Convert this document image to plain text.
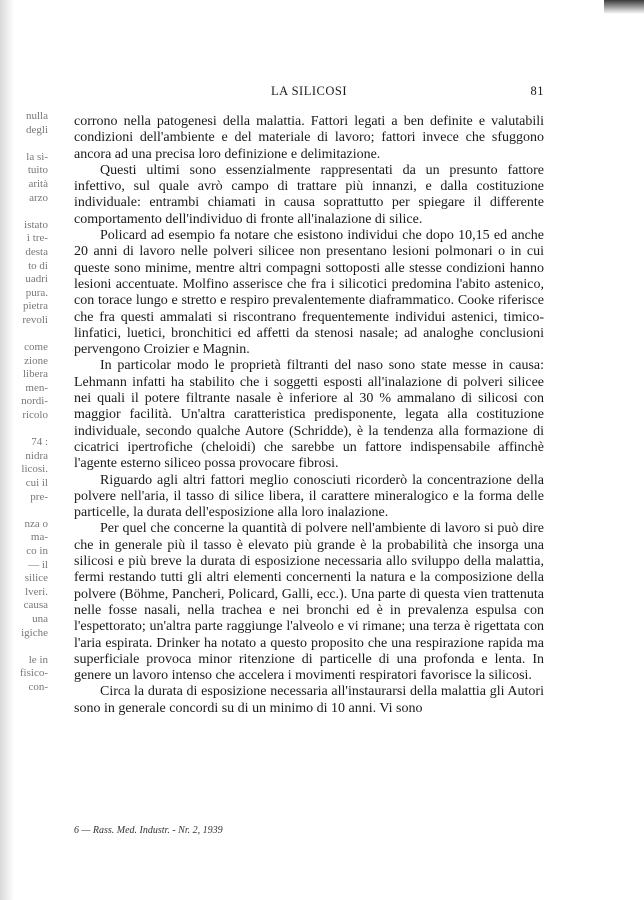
nulla
degli
la si-
tuito
arità
arzo
istato
i tre-
desta
to di
uadri
pura.
pietra
revoli
come
zione
libera
men-
nordi-
ricolo
74 :
nidra
licosi.
cui il
pre-
nza o
ma-
co in
— il
silice
lveri.
causa
una
igiche
le in
fisico-
con-
LA SILICOSI	81

corrono nella patogenesi della malattia. Fattori legati a ben definite e valutabili condizioni dell'ambiente e del materiale di lavoro; fattori invece che sfuggono ancora ad una precisa loro definizione e delimitazione.

Questi ultimi sono essenzialmente rappresentati da un presunto fattore infettivo, sul quale avrò campo di trattare più innanzi, e dalla costituzione individuale: entrambi chiamati in causa soprattutto per spiegare il differente comportamento dell'individuo di fronte all'inalazione di silice.

Policard ad esempio fa notare che esistono individui che dopo 10,15 ed anche 20 anni di lavoro nelle polveri silicee non presentano lesioni polmonari o in cui queste sono minime, mentre altri compagni sottoposti alle stesse condizioni hanno lesioni accentuate. Molfino asserisce che fra i silicotici predomina l'abito astenico, con torace lungo e stretto e respiro prevalentemente diaframmatico. Cooke riferisce che fra questi ammalati si riscontrano frequentemente individui astenici, timico-linfatici, luetici, bronchitici ed affetti da stenosi nasale; ad analoghe conclusioni pervengono Croizier e Magnin.

In particolar modo le proprietà filtranti del naso sono state messe in causa: Lehmann infatti ha stabilito che i soggetti esposti all'inalazione di polveri silicee nei quali il potere filtrante nasale è inferiore al 30 % ammalano di silicosi con maggior facilità. Un'altra caratteristica predisponente, legata alla costituzione individuale, secondo qualche Autore (Schridde), è la tendenza alla formazione di cicatrici ipertrofiche (cheloidi) che sarebbe un fattore indispensabile affinchè l'agente esterno siliceo possa provocare fibrosi.

Riguardo agli altri fattori meglio conosciuti ricorderò la concentrazione della polvere nell'aria, il tasso di silice libera, il carattere mineralogico e la forma delle particelle, la durata dell'esposizione alla loro inalazione.

Per quel che concerne la quantità di polvere nell'ambiente di lavoro si può dire che in generale più il tasso è elevato più grande è la probabilità che insorga una silicosi e più breve la durata di esposizione necessaria allo sviluppo della malattia, fermi restando tutti gli altri elementi concernenti la natura e la composizione della polvere (Böhme, Pancheri, Policard, Galli, ecc.). Una parte di questa vien trattenuta nelle fosse nasali, nella trachea e nei bronchi ed è in prevalenza espulsa con l'espettorato; un'altra parte raggiunge l'alveolo e vi rimane; una terza è rigettata con l'aria espirata. Drinker ha notato a questo proposito che una respirazione rapida ma superficiale provoca minor ritenzione di particelle di una profonda e lenta. In genere un lavoro intenso che accelera i movimenti respiratori favorisce la silicosi.

Circa la durata di esposizione necessaria all'instaurarsi della malattia gli Autori sono in generale concordi su di un minimo di 10 anni. Vi sono

6 — Rass. Med. Industr. - Nr. 2, 1939
